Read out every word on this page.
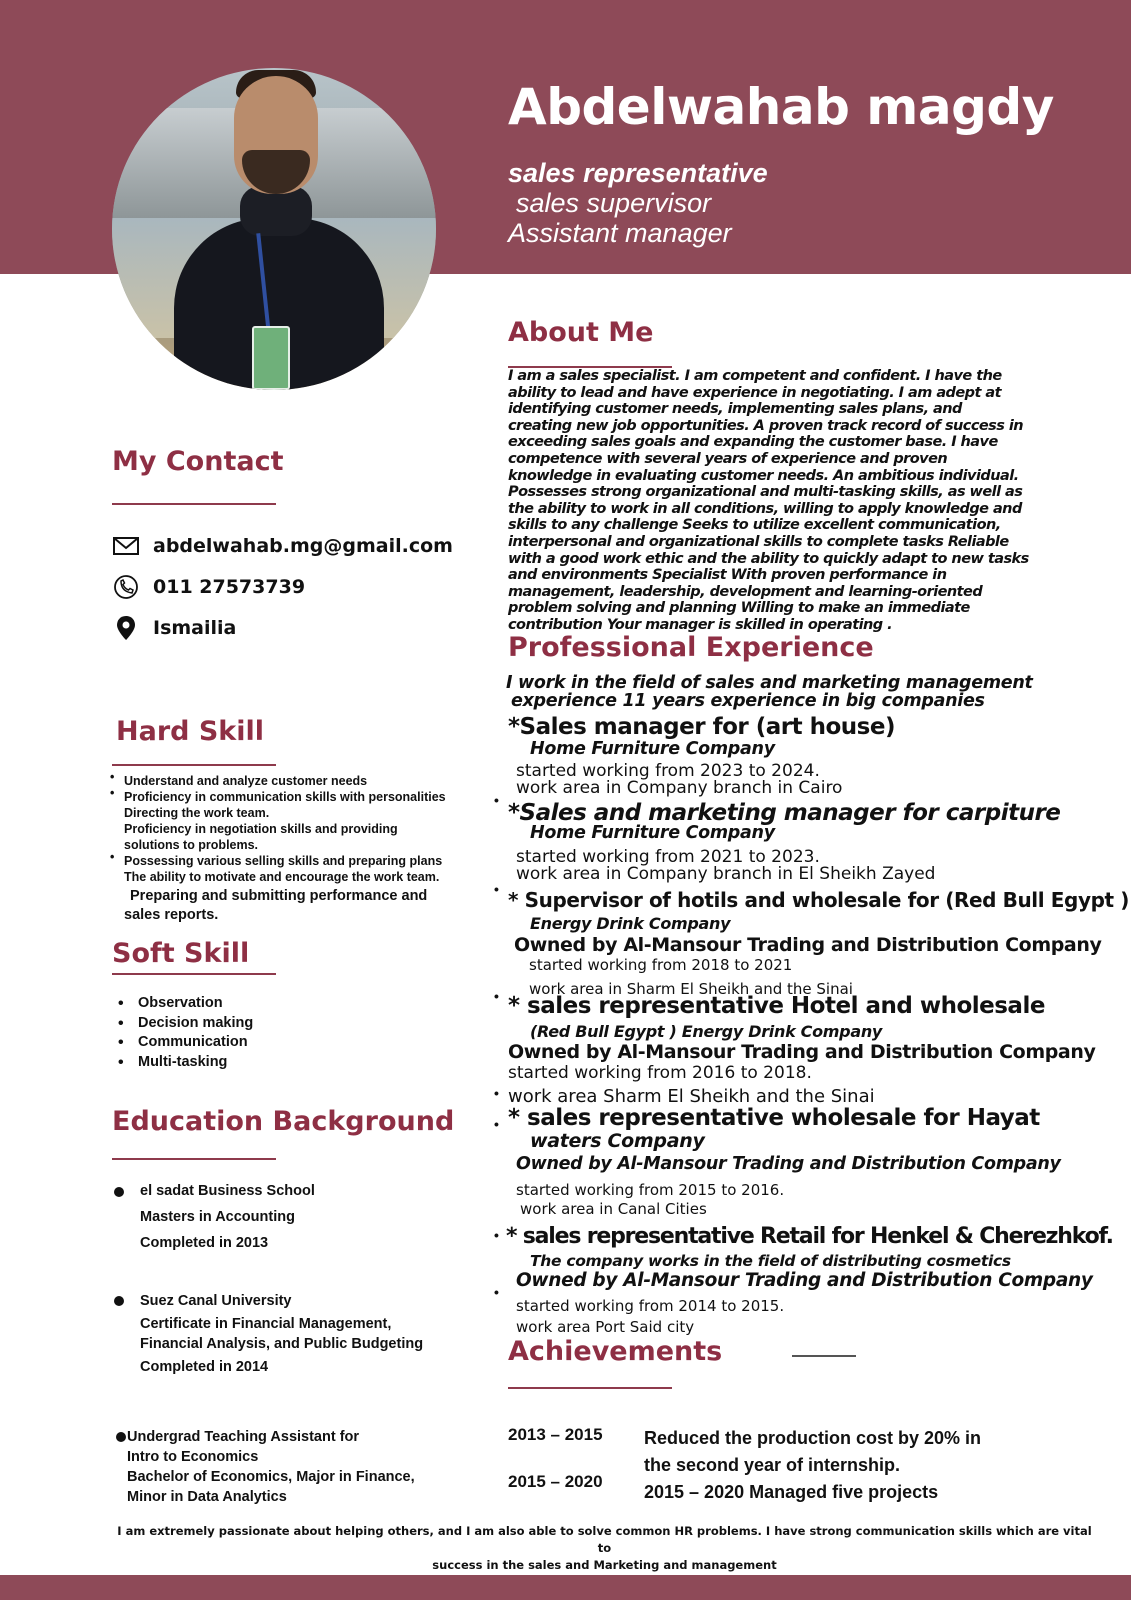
Abdelwahab magdy
sales representative
sales supervisor
Assistant manager
My Contact
abdelwahab.mg@gmail.com
011 27573739
Ismailia
Hard Skill
• Understand and analyze customer needs
• Proficiency in communication skills with personalities
Directing the work team.
Proficiency in negotiation skills and providing
solutions to problems.
• Possessing various selling skills and preparing plans
The ability to motivate and encourage the work team.
Preparing and submitting performance and
sales reports.
Soft Skill
• Observation
• Decision making
• Communication
• Multi-tasking
Education Background
el sadat Business School
Masters in Accounting
Completed in 2013
Suez Canal University
Certificate in Financial Management,
Financial Analysis, and Public Budgeting
Completed in 2014
Undergrad Teaching Assistant for
Intro to Economics
Bachelor of Economics, Major in Finance,
Minor in Data Analytics
About Me
I am a sales specialist. I am competent and confident. I have the
ability to lead and have experience in negotiating. I am adept at
identifying customer needs, implementing sales plans, and
creating new job opportunities. A proven track record of success in
exceeding sales goals and expanding the customer base. I have
competence with several years of experience and proven
knowledge in evaluating customer needs. An ambitious individual.
Possesses strong organizational and multi-tasking skills, as well as
the ability to work in all conditions, willing to apply knowledge and
skills to any challenge Seeks to utilize excellent communication,
interpersonal and organizational skills to complete tasks Reliable
with a good work ethic and the ability to quickly adapt to new tasks
and environments Specialist With proven performance in
management, leadership, development and learning-oriented
problem solving and planning Willing to make an immediate
contribution Your manager is skilled in operating .
Professional Experience
I work in the field of sales and marketing management
experience 11 years experience in big companies
*Sales manager for (art house)
Home Furniture Company
started working from 2023 to 2024.
work area in Company branch in Cairo
• *Sales and marketing manager for carpiture
Home Furniture Company
started working from 2021 to 2023.
work area in Company branch in El Sheikh Zayed
• * Supervisor of hotils and wholesale for (Red Bull Egypt )
Energy Drink Company
Owned by Al-Mansour Trading and Distribution Company
started working from 2018 to 2021
work area in Sharm El Sheikh and the Sinai
• * sales representative Hotel and wholesale
(Red Bull Egypt ) Energy Drink Company
Owned by Al-Mansour Trading and Distribution Company
started working from 2016 to 2018.
• work area Sharm El Sheikh and the Sinai
• * sales representative wholesale for Hayat
waters Company
Owned by Al-Mansour Trading and Distribution Company
started working from 2015 to 2016.
work area in Canal Cities
• * sales representative Retail for Henkel & Cherezhkof.
The company works in the field of distributing cosmetics
Owned by Al-Mansour Trading and Distribution Company
•
started working from 2014 to 2015.
work area Port Said city
Achievements
2013 – 2015
2015 – 2020
Reduced the production cost by 20% in
the second year of internship.
2015 – 2020 Managed five projects
I am extremely passionate about helping others, and I am also able to solve common HR problems. I have strong communication skills which are vital to
success in the sales and Marketing and management
